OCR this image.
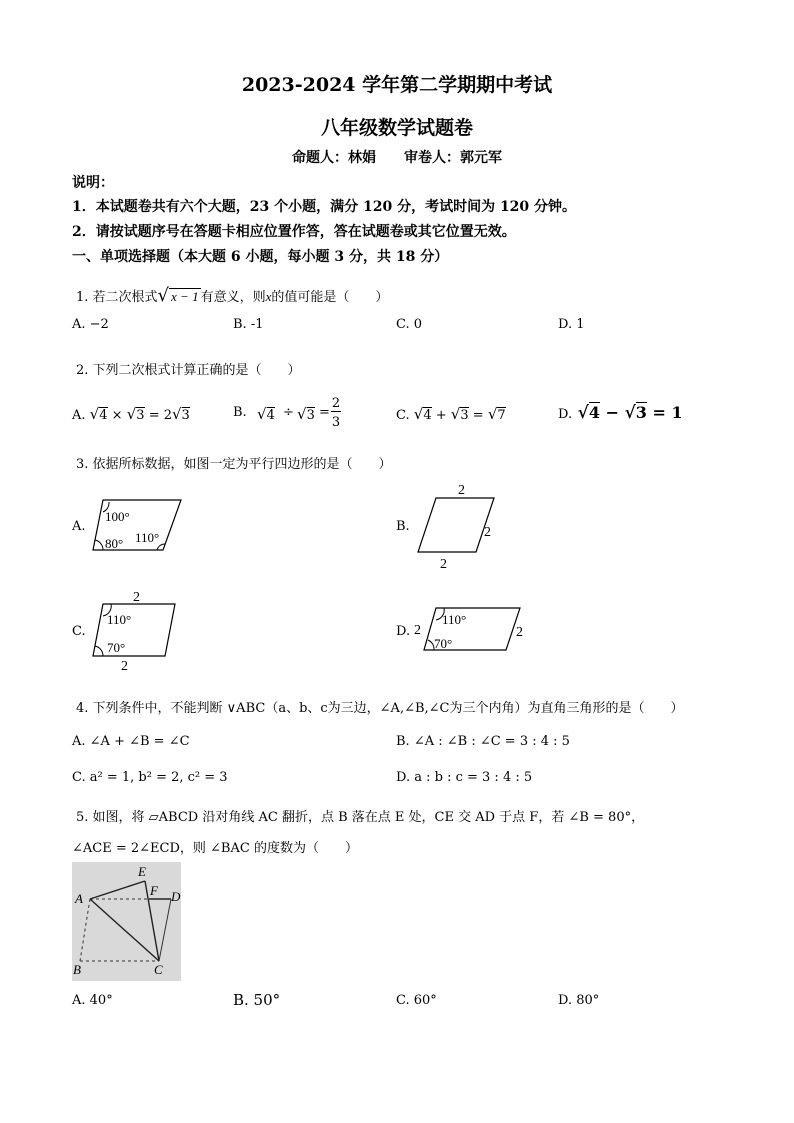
2023-2024 学年第二学期期中考试
八年级数学试题卷
命题人：林娟　　审卷人：郭元军
说明：
1．本试题卷共有六个大题，23 个小题，满分 120 分，考试时间为 120 分钟。
2．请按试题序号在答题卡相应位置作答，答在试题卷或其它位置无效。
一、单项选择题（本大题 6 小题，每小题 3 分，共 18 分）
1. 若二次根式√ x − 1 有意义，则x的值可能是（　　）
A. −2	B. -1	C. 0	D. 1
2. 下列二次根式计算正确的是（　　）
A. √4 × √3 = 2√3	B. √4 ÷ √3 =
2
3	C. √4 + √3 = √7	D. √4 − √3 = 1
3. 依据所标数据，如图一定为平行四边形的是（　　）
A.
100°
80° 110°
B.
2
2
2
C.
2
110°
70°
2
D. 2
110°
70°
2
4. 下列条件中，不能判断 ∨ABC（a、b、c为三边，∠A,∠B,∠C为三个内角）为直角三角形的是（　　）
A. ∠A + ∠B = ∠C	B. ∠A : ∠B : ∠C = 3 : 4 : 5
C. a² = 1, b² = 2, c² = 3	D. a : b : c = 3 : 4 : 5
5. 如图，将 ▱ABCD 沿对角线 AC 翻折，点 B 落在点 E 处，CE 交 AD 于点 F，若 ∠B = 80°，
∠ACE = 2∠ECD，则 ∠BAC 的度数为（　　）
A
B	C
D
E
F
A. 40°	B. 50°	C. 60°	D. 80°
